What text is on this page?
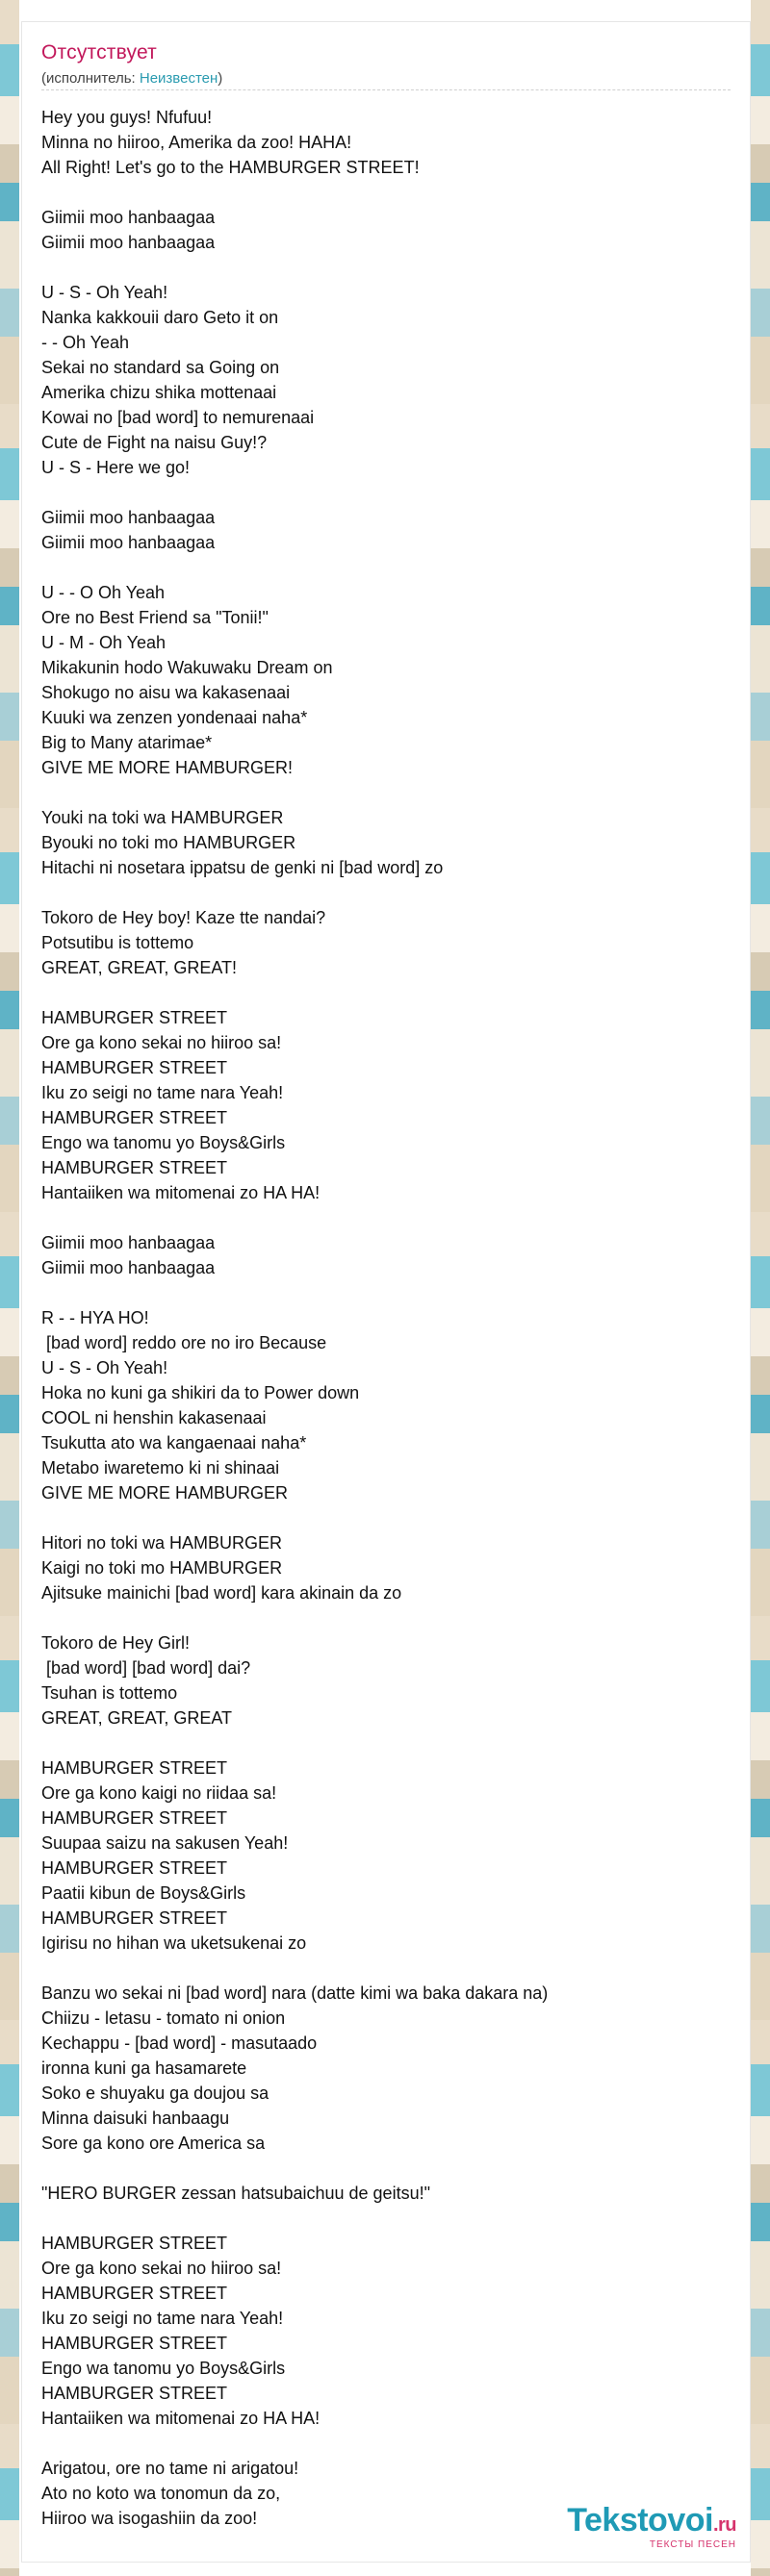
Отсутствует
(исполнитель: Неизвестен)
Hey you guys! Nfufuu!
Minna no hiiroo, Amerika da zoo! HAHA!
All Right! Let's go to the HAMBURGER STREET!

Giimii moo hanbaagaa
Giimii moo hanbaagaa

U - S - Oh Yeah!
Nanka kakkouii daro Geto it on
- - Oh Yeah
Sekai no standard sa Going on
Amerika chizu shika mottenaai
Kowai no [bad word] to nemurenaai
Cute de Fight na naisu Guy!?
U - S - Here we go!

Giimii moo hanbaagaa
Giimii moo hanbaagaa

U - - O Oh Yeah
Ore no Best Friend sa "Tonii!"
U - M - Oh Yeah
Mikakunin hodo Wakuwaku Dream on
Shokugo no aisu wa kakasenaai
Kuuki wa zenzen yondenaai naha*
Big to Many atarimae*
GIVE ME MORE HAMBURGER!

Youki na toki wa HAMBURGER
Byouki no toki mo HAMBURGER
Hitachi ni nosetara ippatsu de genki ni [bad word] zo

Tokoro de Hey boy! Kaze tte nandai?
Potsutibu is tottemo
GREAT, GREAT, GREAT!

HAMBURGER STREET
Ore ga kono sekai no hiiroo sa!
HAMBURGER STREET
Iku zo seigi no tame nara Yeah!
HAMBURGER STREET
Engo wa tanomu yo Boys&Girls
HAMBURGER STREET
Hantaiiken wa mitomenai zo HA HA!

Giimii moo hanbaagaa
Giimii moo hanbaagaa

R - - HYA HO!
[bad word] reddo ore no iro Because
U - S - Oh Yeah!
Hoka no kuni ga shikiri da to Power down
COOL ni henshin kakasenaai
Tsukutta ato wa kangaenaai naha*
Metabo iwaretemo ki ni shinaai
GIVE ME MORE HAMBURGER

Hitori no toki wa HAMBURGER
Kaigi no toki mo HAMBURGER
Ajitsuke mainichi [bad word] kara akinain da zo

Tokoro de Hey Girl!
[bad word] [bad word] dai?
Tsuhan is tottemo
GREAT, GREAT, GREAT

HAMBURGER STREET
Ore ga kono kaigi no riidaa sa!
HAMBURGER STREET
Suupaa saizu na sakusen Yeah!
HAMBURGER STREET
Paatii kibun de Boys&Girls
HAMBURGER STREET
Igirisu no hihan wa uketsukenai zo

Banzu wo sekai ni [bad word] nara (datte kimi wa baka dakara na)
Chiizu - letasu - tomato ni onion
Kechappu - [bad word] - masutaado
ironna kuni ga hasamarete
Soko e shuyaku ga doujou sa
Minna daisuki hanbaagu
Sore ga kono ore America sa

"HERO BURGER zessan hatsubaichuu de geitsu!"

HAMBURGER STREET
Ore ga kono sekai no hiiroo sa!
HAMBURGER STREET
Iku zo seigi no tame nara Yeah!
HAMBURGER STREET
Engo wa tanomu yo Boys&Girls
HAMBURGER STREET
Hantaiiken wa mitomenai zo HA HA!

Arigatou, ore no tame ni arigatou!
Ato no koto wa tonomun da zo,
Hiiroo wa isogashiin da zoo!	Tekstovoi.ru
ТЕКСТЫ ПЕСЕН
